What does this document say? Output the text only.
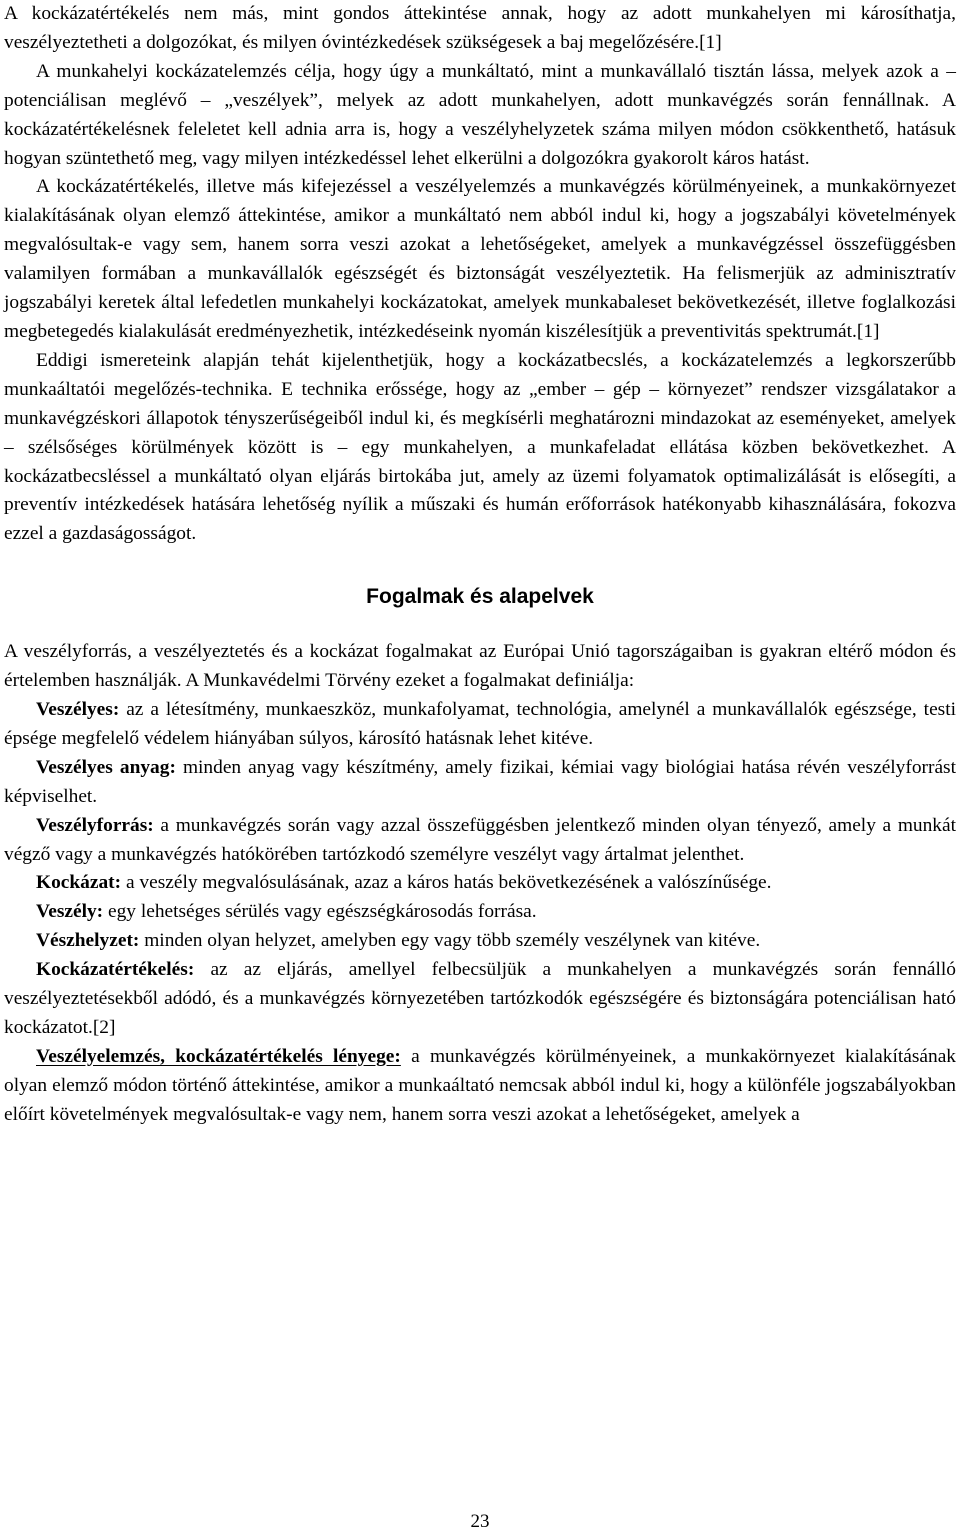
A kockázatértékelés nem más, mint gondos áttekintése annak, hogy az adott munkahelyen mi károsíthatja, veszélyeztetheti a dolgozókat, és milyen óvintézkedések szükségesek a baj megelőzésére.[1]

A munkahelyi kockázatelemzés célja, hogy úgy a munkáltató, mint a munkavállaló tisztán lássa, melyek azok a – potenciálisan meglévő – „veszélyek”, melyek az adott munkahelyen, adott munkavégzés során fennállnak. A kockázatértékelésnek feleletet kell adnia arra is, hogy a veszélyhelyzetek száma milyen módon csökkenthető, hatásuk hogyan szüntethető meg, vagy milyen intézkedéssel lehet elkerülni a dolgozókra gyakorolt káros hatást.

A kockázatértékelés, illetve más kifejezéssel a veszélyelemzés a munkavégzés körülményeinek, a munkakörnyezet kialakításának olyan elemző áttekintése, amikor a munkáltató nem abból indul ki, hogy a jogszabályi követelmények megvalósultak-e vagy sem, hanem sorra veszi azokat a lehetőségeket, amelyek a munkavégzéssel összefüggésben valamilyen formában a munkavállalók egészségét és biztonságát veszélyeztetik. Ha felismerjük az adminisztratív jogszabályi keretek által lefedetlen munkahelyi kockázatokat, amelyek munkabaleset bekövetkezését, illetve foglalkozási megbetegedés kialakulását eredményezhetik, intézkedéseink nyomán kiszélesítjük a preventivitás spektrumát.[1]

Eddigi ismereteink alapján tehát kijelenthetjük, hogy a kockázatbecslés, a kockázatelemzés a legkorszerűbb munkaáltatói megelőzés-technika. E technika erőssége, hogy az „ember – gép – környezet” rendszer vizsgálatakor a munkavégzéskori állapotok tényszerűségeiből indul ki, és megkísérli meghatározni mindazokat az eseményeket, amelyek – szélsőséges körülmények között is – egy munkahelyen, a munkafeladat ellátása közben bekövetkezhet. A kockázatbecsléssel a munkáltató olyan eljárás birtokába jut, amely az üzemi folyamatok optimalizálását is elősegíti, a preventív intézkedések hatására lehetőség nyílik a műszaki és humán erőforrások hatékonyabb kihasználására, fokozva ezzel a gazdaságosságot.

Fogalmak és alapelvek

A veszélyforrás, a veszélyeztetés és a kockázat fogalmakat az Európai Unió tagországaiban is gyakran eltérő módon és értelemben használják. A Munkavédelmi Törvény ezeket a fogalmakat definiálja:

Veszélyes: az a létesítmény, munkaeszköz, munkafolyamat, technológia, amelynél a munkavállalók egészsége, testi épsége megfelelő védelem hiányában súlyos, károsító hatásnak lehet kitéve.

Veszélyes anyag: minden anyag vagy készítmény, amely fizikai, kémiai vagy biológiai hatása révén veszélyforrást képviselhet.

Veszélyforrás: a munkavégzés során vagy azzal összefüggésben jelentkező minden olyan tényező, amely a munkát végző vagy a munkavégzés hatókörében tartózkodó személyre veszélyt vagy ártalmat jelenthet.

Kockázat: a veszély megvalósulásának, azaz a káros hatás bekövetkezésének a valószínűsége.

Veszély: egy lehetséges sérülés vagy egészségkárosodás forrása.

Vészhelyzet: minden olyan helyzet, amelyben egy vagy több személy veszélynek van kitéve.

Kockázatértékelés: az az eljárás, amellyel felbecsüljük a munkahelyen a munkavégzés során fennálló veszélyeztetésekből adódó, és a munkavégzés környezetében tartózkodók egészségére és biztonságára potenciálisan ható kockázatot.[2]

Veszélyelemzés, kockázatértékelés lényege: a munkavégzés körülményeinek, a munkakörnyezet kialakításának olyan elemző módon történő áttekintése, amikor a munkaáltató nemcsak abból indul ki, hogy a különféle jogszabályokban előírt követelmények megvalósultak-e vagy nem, hanem sorra veszi azokat a lehetőségeket, amelyek a

23
